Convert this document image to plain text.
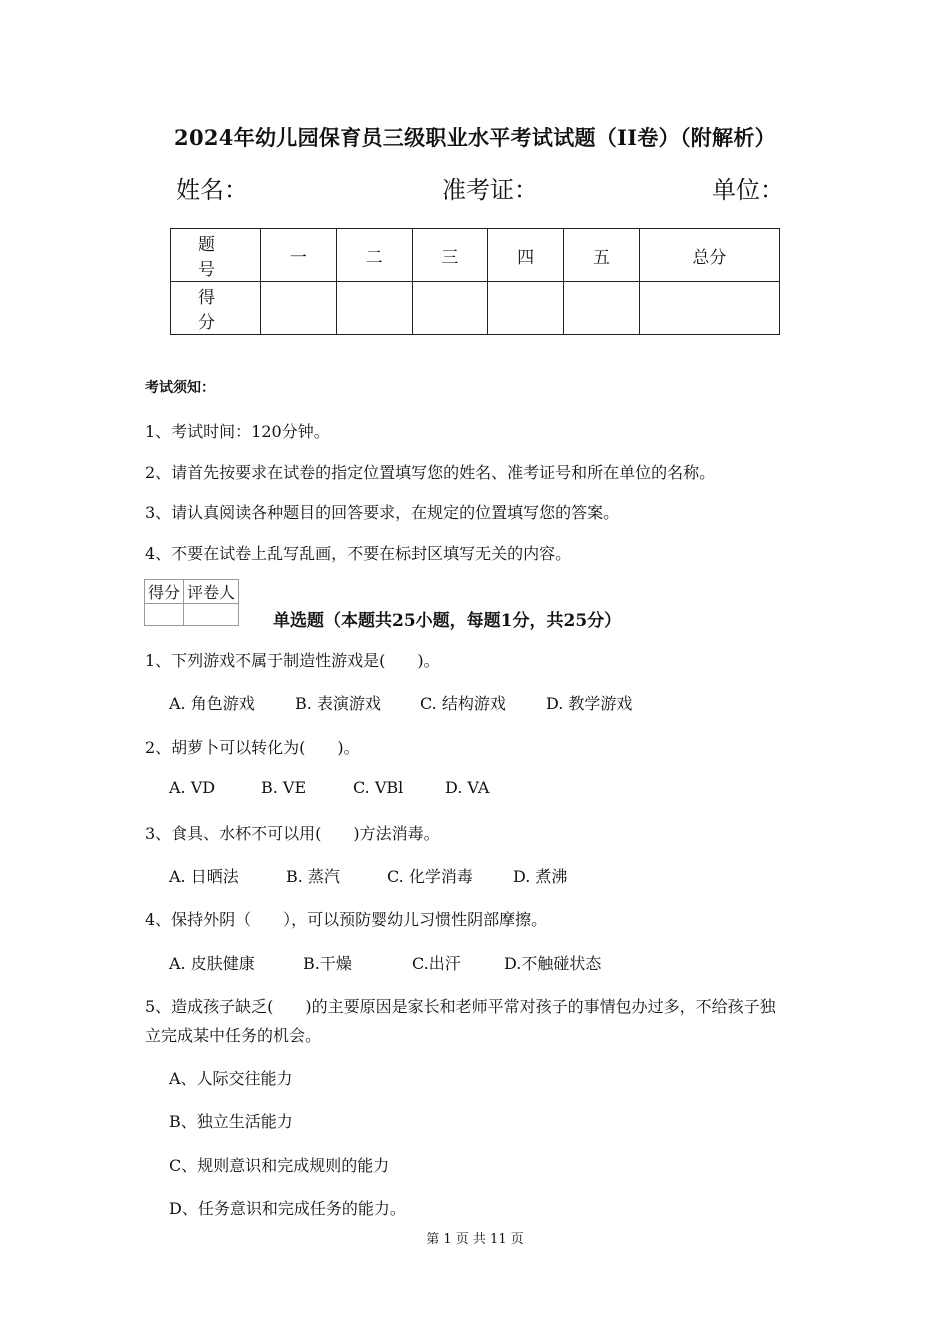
2024年幼儿园保育员三级职业水平考试试题（II卷）（附解析）
姓名：	准考证：	单位：
题 号	一	二	三	四	五	总分
得 分						
考试须知：
1、考试时间：120分钟。
2、请首先按要求在试卷的指定位置填写您的姓名、准考证号和所在单位的名称。
3、请认真阅读各种题目的回答要求，在规定的位置填写您的答案。
4、不要在试卷上乱写乱画，不要在标封区填写无关的内容。
得分	评卷人

单选题（本题共25小题，每题1分，共25分）
1、下列游戏不属于制造性游戏是(　　)。
A. 角色游戏	B. 表演游戏 C. 结构游戏	D. 教学游戏
2、胡萝卜可以转化为(　　)。
A. VD	B. VE	C. VBl	D. VA
3、食具、水杯不可以用(　　)方法消毒。
A. 日晒法	B. 蒸汽	C. 化学消毒	D. 煮沸
4、保持外阴（　　），可以预防婴幼儿习惯性阴部摩擦。
A. 皮肤健康	B.干燥	C.出汗	D.不触碰状态
5、造成孩子缺乏(　　)的主要原因是家长和老师平常对孩子的事情包办过多，不给孩子独
立完成某中任务的机会。
A、人际交往能力
B、独立生活能力
C、规则意识和完成规则的能力
D、任务意识和完成任务的能力。
第 1 页 共 11 页
